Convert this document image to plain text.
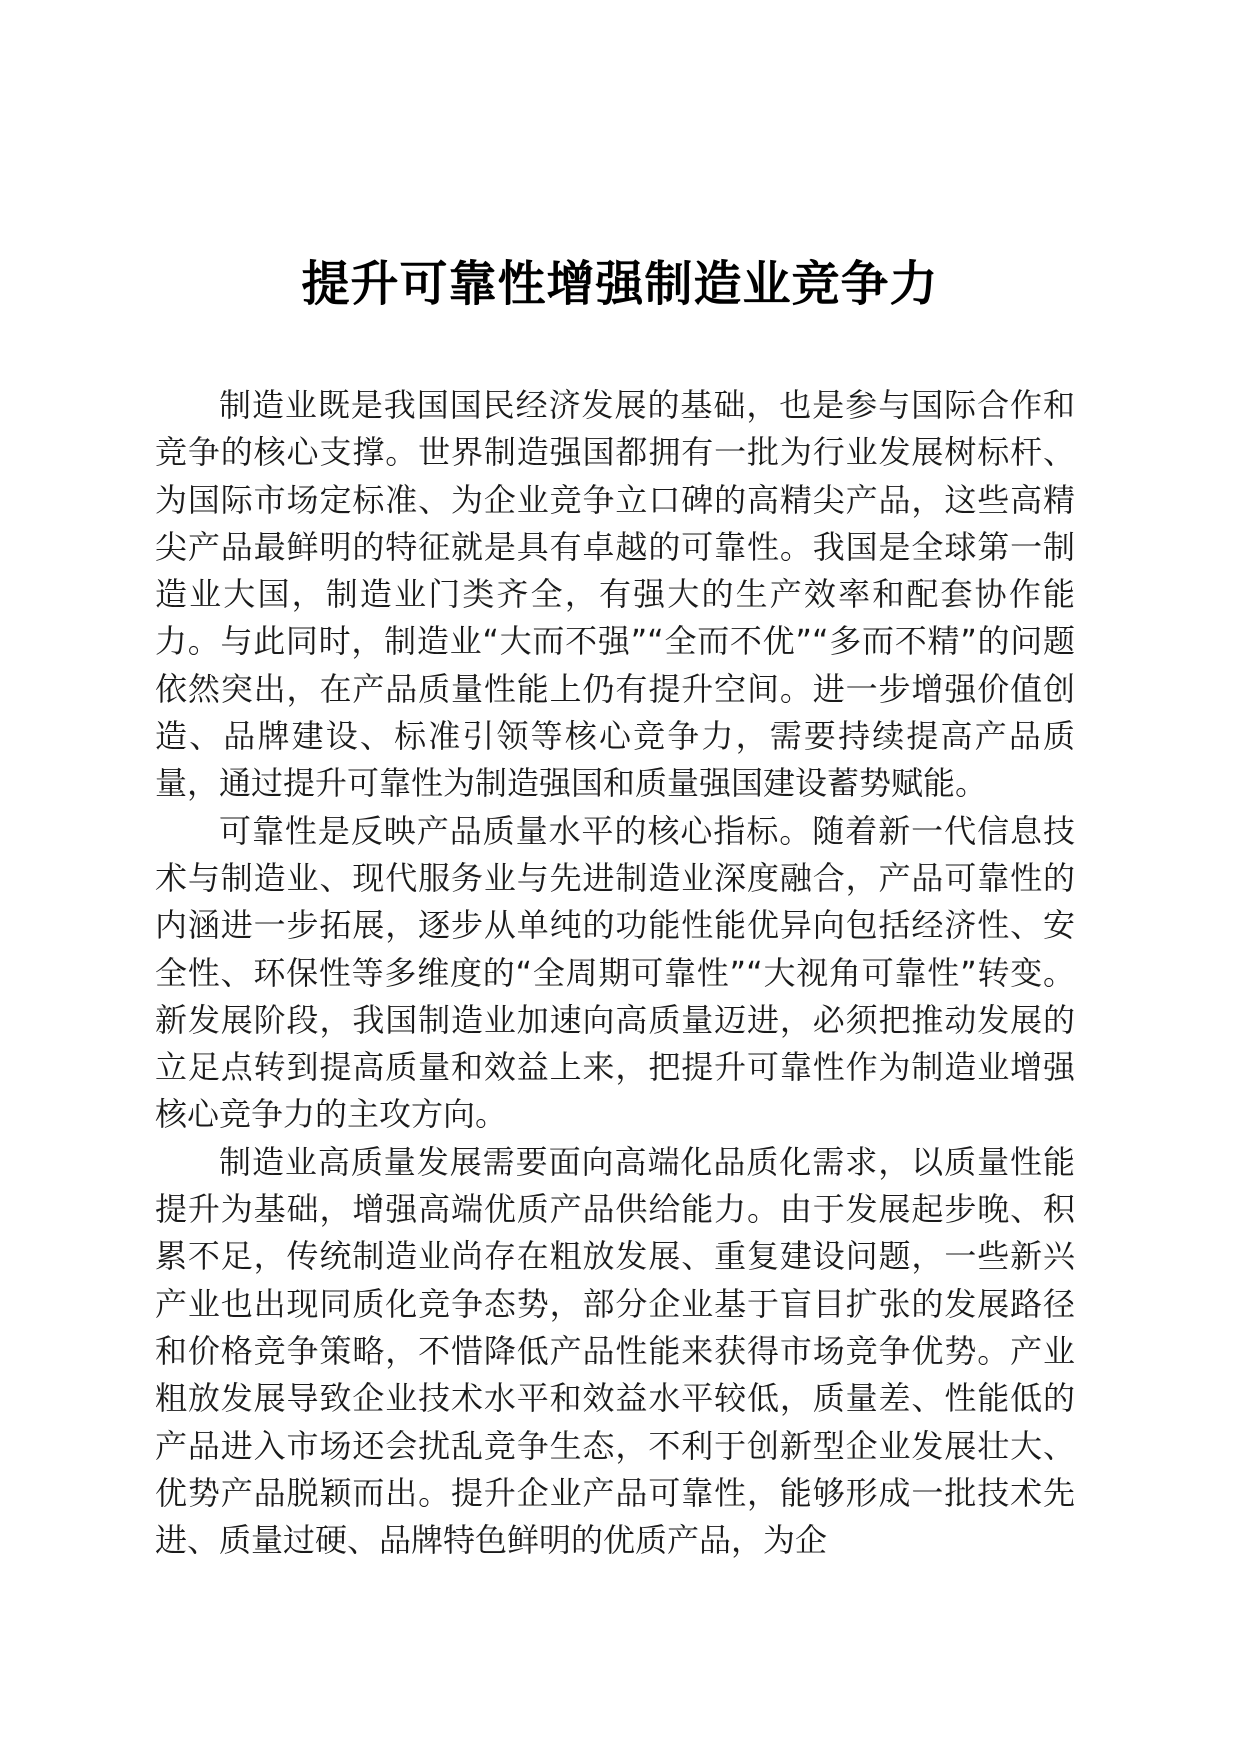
提升可靠性增强制造业竞争力

制造业既是我国国民经济发展的基础，也是参与国际合作和竞争的核心支撑。世界制造强国都拥有一批为行业发展树标杆、为国际市场定标准、为企业竞争立口碑的高精尖产品，这些高精尖产品最鲜明的特征就是具有卓越的可靠性。我国是全球第一制造业大国，制造业门类齐全，有强大的生产效率和配套协作能力。与此同时，制造业“大而不强”“全而不优”“多而不精”的问题依然突出，在产品质量性能上仍有提升空间。进一步增强价值创造、品牌建设、标准引领等核心竞争力，需要持续提高产品质量，通过提升可靠性为制造强国和质量强国建设蓄势赋能。

可靠性是反映产品质量水平的核心指标。随着新一代信息技术与制造业、现代服务业与先进制造业深度融合，产品可靠性的内涵进一步拓展，逐步从单纯的功能性能优异向包括经济性、安全性、环保性等多维度的“全周期可靠性”“大视角可靠性”转变。新发展阶段，我国制造业加速向高质量迈进，必须把推动发展的立足点转到提高质量和效益上来，把提升可靠性作为制造业增强核心竞争力的主攻方向。

制造业高质量发展需要面向高端化品质化需求，以质量性能提升为基础，增强高端优质产品供给能力。由于发展起步晚、积累不足，传统制造业尚存在粗放发展、重复建设问题，一些新兴产业也出现同质化竞争态势，部分企业基于盲目扩张的发展路径和价格竞争策略，不惜降低产品性能来获得市场竞争优势。产业粗放发展导致企业技术水平和效益水平较低，质量差、性能低的产品进入市场还会扰乱竞争生态，不利于创新型企业发展壮大、优势产品脱颖而出。提升企业产品可靠性，能够形成一批技术先进、质量过硬、品牌特色鲜明的优质产品，为企
